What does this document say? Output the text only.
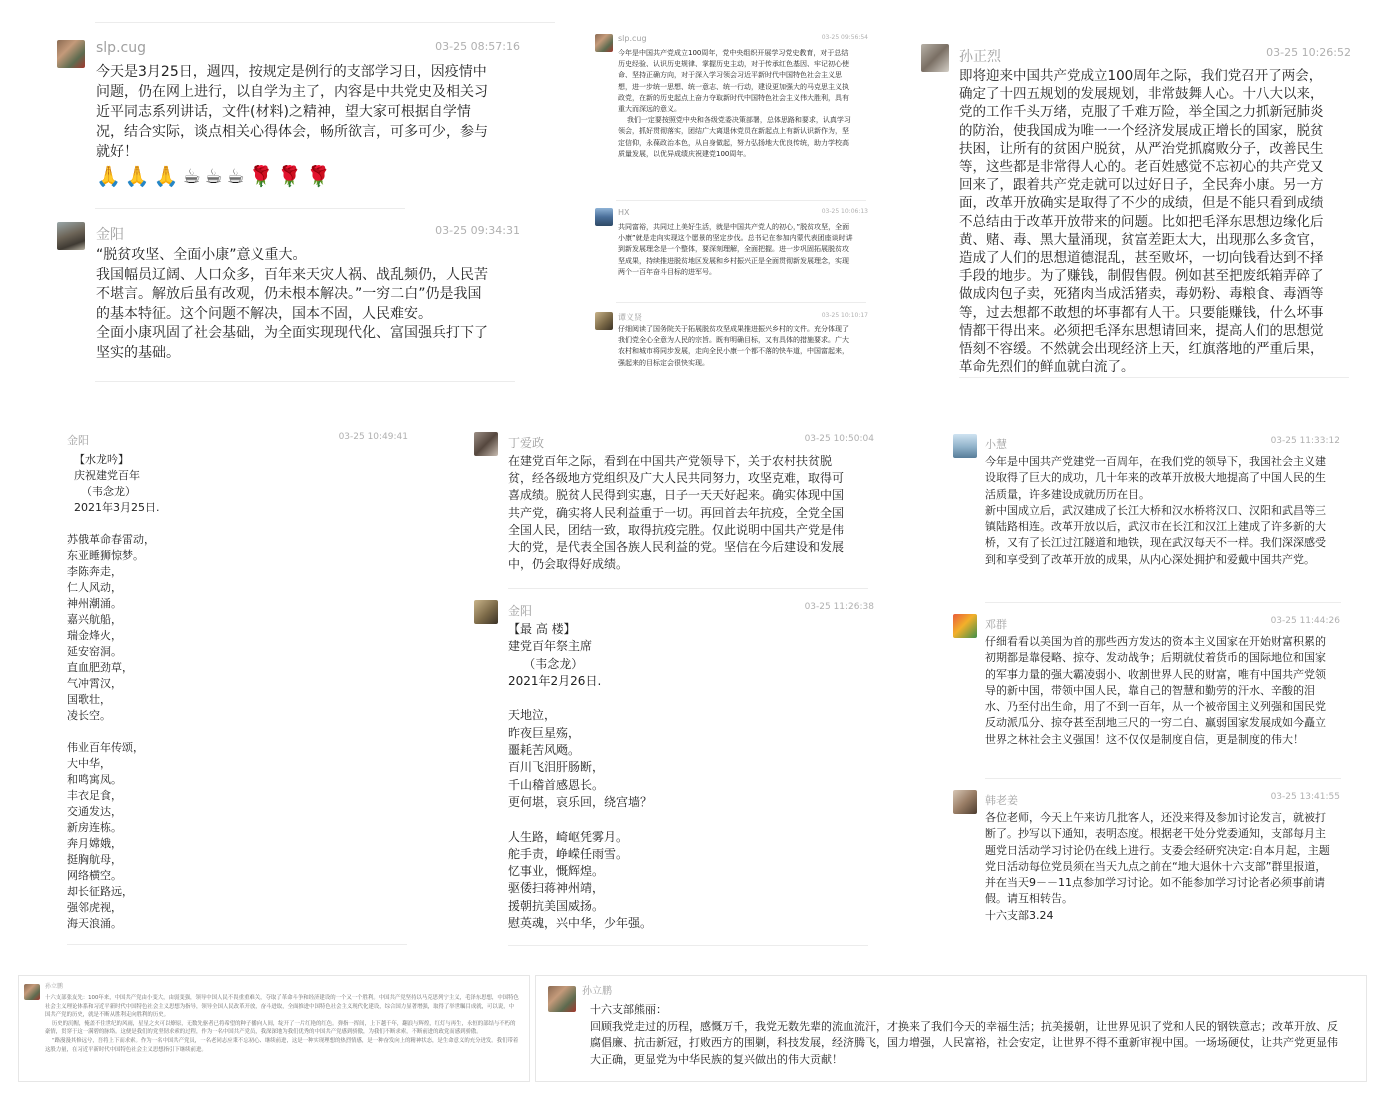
slp.cug	03-25 08:57:16
今天是3月25日，週四，按规定是例行的支部学习日，因疫情中问题，仍在网上进行，以自学为主了，内容是中共党史及相关习近平同志系列讲话，文件(材料)之精神，望大家可根据自学情况，结合实际，谈点相关心得体会，畅所欲言，可多可少，参与就好！
🙏🙏🙏☕☕☕🌹🌹🌹
金阳	03-25 09:34:31
“脱贫攻坚、全面小康”意义重大。
我国幅员辽阔、人口众多，百年来天灾人祸、战乱频仍，人民苦不堪言。解放后虽有改观，仍未根本解决。”一穷二白”仍是我国的基本特征。这个问题不解决，国本不固，人民难安。
全面小康巩固了社会基础，为全面实现现代化、富国强兵打下了坚实的基础。
slp.cug	03-25 09:56:54
今年是中国共产党成立100周年，党中央组织开展学习党史教育，对于总结历史经验、认识历史规律、掌握历史主动，对于传承红色基因、牢记初心使命、坚持正确方向，对于深入学习领会习近平新时代中国特色社会主义思想，进一步统一思想、统一意志、统一行动，建设更加强大的马克思主义执政党，在新的历史起点上奋力夺取新时代中国特色社会主义伟大胜利，具有重大而深远的意义。
我们一定要按照党中央和各级党委决策部署，总体思路和要求，认真学习领会，抓好贯彻落实，团结广大离退休党员在新起点上有新认识新作为，坚定信仰，永葆政治本色，从自身做起，努力弘扬地大优良传统，助力学校高质量发展，以优异成绩庆祝建党100周年。
HX	03-25 10:06:13
共同富裕，共同过上美好生活，就是中国共产党人的初心，”脱贫攻坚，全面小康”就是走向实现这个愿景的坚定步伐。总书记在参加内蒙代表团座谈时讲到新发展理念是一个整体，要深刻理解，全面把握。进一步巩固拓展脱贫攻坚成果，持续推进脱贫地区发展和乡村振兴正是全面贯彻新发展理念，实现两个一百年奋斗目标的进军号。
谭义贤	03-25 10:10:17
仔细阅读了国务院关于拓展脱贫攻坚成果推进振兴乡村的文件。充分体现了我们党全心全意为人民的宗旨。既有明确目标，又有具体的措施要求。广大农村和城市将同步发展，走向全民小康一个都不落的快车道，中国富起来，强起来的目标定会很快实现。
孙正烈	03-25 10:26:52
即将迎来中国共产党成立100周年之际，我们党召开了两会，确定了十四五规划的发展规划，非常鼓舞人心。十八大以来，党的工作千头万绪，克服了千难万险，举全国之力抓新冠肺炎的防治，使我国成为唯一一个经济发展成正增长的国家，脱贫扶困，让所有的贫困户脱贫，从严治党抓腐败分子，改善民生等，这些都是非常得人心的。老百姓感觉不忘初心的共产党又回来了，跟着共产党走就可以过好日子，全民奔小康。另一方面，改革开放确实是取得了不少的成绩，但是不能只看到成绩不总结由于改革开放带来的问题。比如把毛泽东思想边缘化后黄、赌、毒、黑大量涌现，贫富差距太大，出现那么多贪官，造成了人们的思想道德混乱，甚至败坏，一切向钱看达到不择手段的地步。为了赚钱，制假售假。例如甚至把废纸箱弄碎了做成肉包子卖，死猪肉当成活猪卖，毒奶粉、毒粮食、毒酒等等，过去想都不敢想的坏事都有人干。只要能赚钱，什么坏事情都干得出来。必须把毛泽东思想请回来，提高人们的思想觉悟刻不容缓。不然就会出现经济上天，红旗落地的严重后果，革命先烈们的鲜血就白流了。
金阳	03-25 10:49:41
【水龙吟】
庆祝建党百年
（韦念龙）
2021年3月25日.

苏俄革命春雷动，
东亚睡狮惊梦。
李陈奔走，
仁人风动，
神州潮涌。
嘉兴航船，
瑞金烽火，
延安窑洞。
直血肥劲草，
气冲霄汉，
国歌壮，
凌长空。

伟业百年传颂，
大中华，
和鸣寓凤。
丰衣足食，
交通发达，
新房连栋。
奔月嫦娥，
挺胸航母，
网络横空。
却长征路远，
强邻虎视，
海天浪涌。
丁爱政	03-25 10:50:04
在建党百年之际，看到在中国共产党领导下，关于农村扶贫脱贫，经各级地方党组织及广大人民共同努力，攻坚克难，取得可喜成绩。脱贫人民得到实惠，日子一天天好起来。确实体现中国共产党，确实将人民利益重于一切。再回首去年抗疫，全党全国全国人民，团结一致，取得抗疫完胜。仅此说明中国共产党是伟大的党，是代表全国各族人民利益的党。坚信在今后建设和发展中，仍会取得好成绩。
金阳	03-25 11:26:38
【最 高 楼】
建党百年祭主席
（韦念龙）
2021年2月26日.

天地泣，
昨夜巨星殇，
噩耗苦风飏。
百川飞泪肝肠断，
千山稽首感恩长。
更何堪，哀乐回，绕宫墙？

人生路，崎岖凭雾月。
舵手责，峥嵘任雨雪。
忆事业，慨辉煌。
驱倭扫蒋神州靖，
援朝抗美国威扬。
慰英魂，兴中华，少年强。
小慧	03-25 11:33:12
今年是中国共产党建党一百周年，在我们党的领导下，我国社会主义建设取得了巨大的成功，几十年来的改革开放极大地提高了中国人民的生活质量，许多建设成就历历在目。
新中国成立后，武汉建成了长江大桥和汉水桥将汉口、汉阳和武昌等三镇陆路相连。改革开放以后，武汉市在长江和汉江上建成了许多新的大桥，又有了长江过江隧道和地铁，现在武汉每天不一样。我们深深感受到和享受到了改革开放的成果，从内心深处拥护和爱戴中国共产党。
邓群	03-25 11:44:26
仔细看看以美国为首的那些西方发达的资本主义国家在开始财富积累的初期都是靠侵略、掠夺、发动战争；后期就仗着货币的国际地位和国家的军事力量的强大霸凌弱小、收割世界人民的财富，唯有中国共产党领导的新中国，带领中国人民，靠自己的智慧和勤劳的汗水、辛酸的泪水、乃至付出生命，用了不到一百年，从一个被帝国主义列强和国民党反动派瓜分、掠夺甚至刮地三尺的一穷二白、羸弱国家发展成如今矗立世界之林社会主义强国！这不仅仅是制度自信，更是制度的伟大！
韩老姜	03-25 13:41:55
各位老师，今天上午来访几批客人，还没来得及参加讨论发言，就被打断了。抄写以下通知，表明态度。根据老干处分党委通知，支部每月主题党日活动学习讨论仍在线上进行。支委会经研究决定:自本月起，主题党日活动每位党员须在当天九点之前在“地大退休十六支部”群里报道，并在当天9－－11点参加学习讨论。如不能参加学习讨论者必须事前请假。请互相转告。
十六支部3.24
孙立鹏
十六支部张友先：100年来，中国共产党由小变大，由弱变强，领导中国人民不畏重重难关，夺取了革命斗争和经济建设的一个又一个胜利。中国共产党坚持以马克思列宁主义，毛泽东思想，中国特色社会主义理论体系和习近平新时代中国特色社会主义思想为指导，领导全国人民改革开放，奋斗进取，全面推进中国特色社会主义现代化建设，综合国力显著增强，取得了举世瞩目成就，可以说，中国共产党的历史，就是不断从胜利走向胜利的历史。
历史的沉帽，掩盖不住世纪的风雨，星星之火可以燎原，无数先驱者已将希望的种子播向人间，绽开了一片红艳的红色。弹指一挥间，上下越千年，翻浪与辉煌，红灯与再生，永恒的部结与不朽的豪情，贯穿于这一满碧的脉络。这便是我们的党坚韧求索的过程，作为一名中国共产党员，我深深地为我们优秀的中国共产党感到骄傲，为我们不断求索，不断前进的政党而感到骄傲。
“路漫漫其修远兮，吾将上下而求索。作为一名中国共产党员，一名老同志应秉不忘初心、继续前进，这是一种实现理想的热烈情感，是一种奋发向上的精神状态，是生命意义的充分迸发。我们带着这股力量，在习近平新时代中国特色社会主义思想指引下继续前进。
孙立鹏
十六支部熊丽：
回顾我党走过的历程，感慨万千，我党无数先辈的流血流汗，才换来了我们今天的幸福生活；抗美援朝，让世界见识了党和人民的钢铁意志；改革开放、反腐倡廉、抗击新冠，打败西方的围剿，科技发展，经济腾飞，国力增强，人民富裕，社会安定，让世界不得不重新审视中国。一场场硬仗，让共产党更显伟大正确，更显党为中华民族的复兴做出的伟大贡献！
